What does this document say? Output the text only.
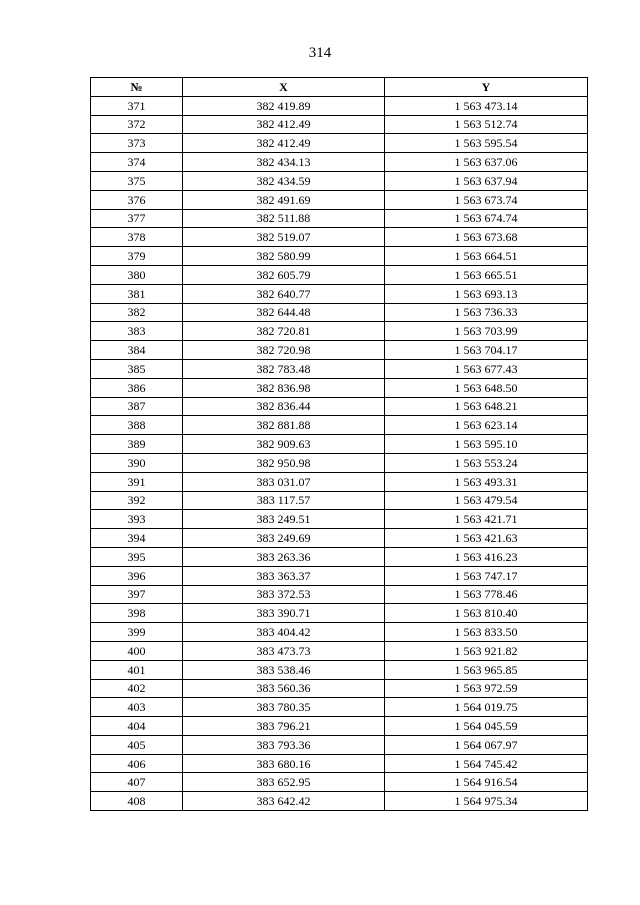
314
№	X	Y
371	382 419.89	1 563 473.14
372	382 412.49	1 563 512.74
373	382 412.49	1 563 595.54
374	382 434.13	1 563 637.06
375	382 434.59	1 563 637.94
376	382 491.69	1 563 673.74
377	382 511.88	1 563 674.74
378	382 519.07	1 563 673.68
379	382 580.99	1 563 664.51
380	382 605.79	1 563 665.51
381	382 640.77	1 563 693.13
382	382 644.48	1 563 736.33
383	382 720.81	1 563 703.99
384	382 720.98	1 563 704.17
385	382 783.48	1 563 677.43
386	382 836.98	1 563 648.50
387	382 836.44	1 563 648.21
388	382 881.88	1 563 623.14
389	382 909.63	1 563 595.10
390	382 950.98	1 563 553.24
391	383 031.07	1 563 493.31
392	383 117.57	1 563 479.54
393	383 249.51	1 563 421.71
394	383 249.69	1 563 421.63
395	383 263.36	1 563 416.23
396	383 363.37	1 563 747.17
397	383 372.53	1 563 778.46
398	383 390.71	1 563 810.40
399	383 404.42	1 563 833.50
400	383 473.73	1 563 921.82
401	383 538.46	1 563 965.85
402	383 560.36	1 563 972.59
403	383 780.35	1 564 019.75
404	383 796.21	1 564 045.59
405	383 793.36	1 564 067.97
406	383 680.16	1 564 745.42
407	383 652.95	1 564 916.54
408	383 642.42	1 564 975.34
